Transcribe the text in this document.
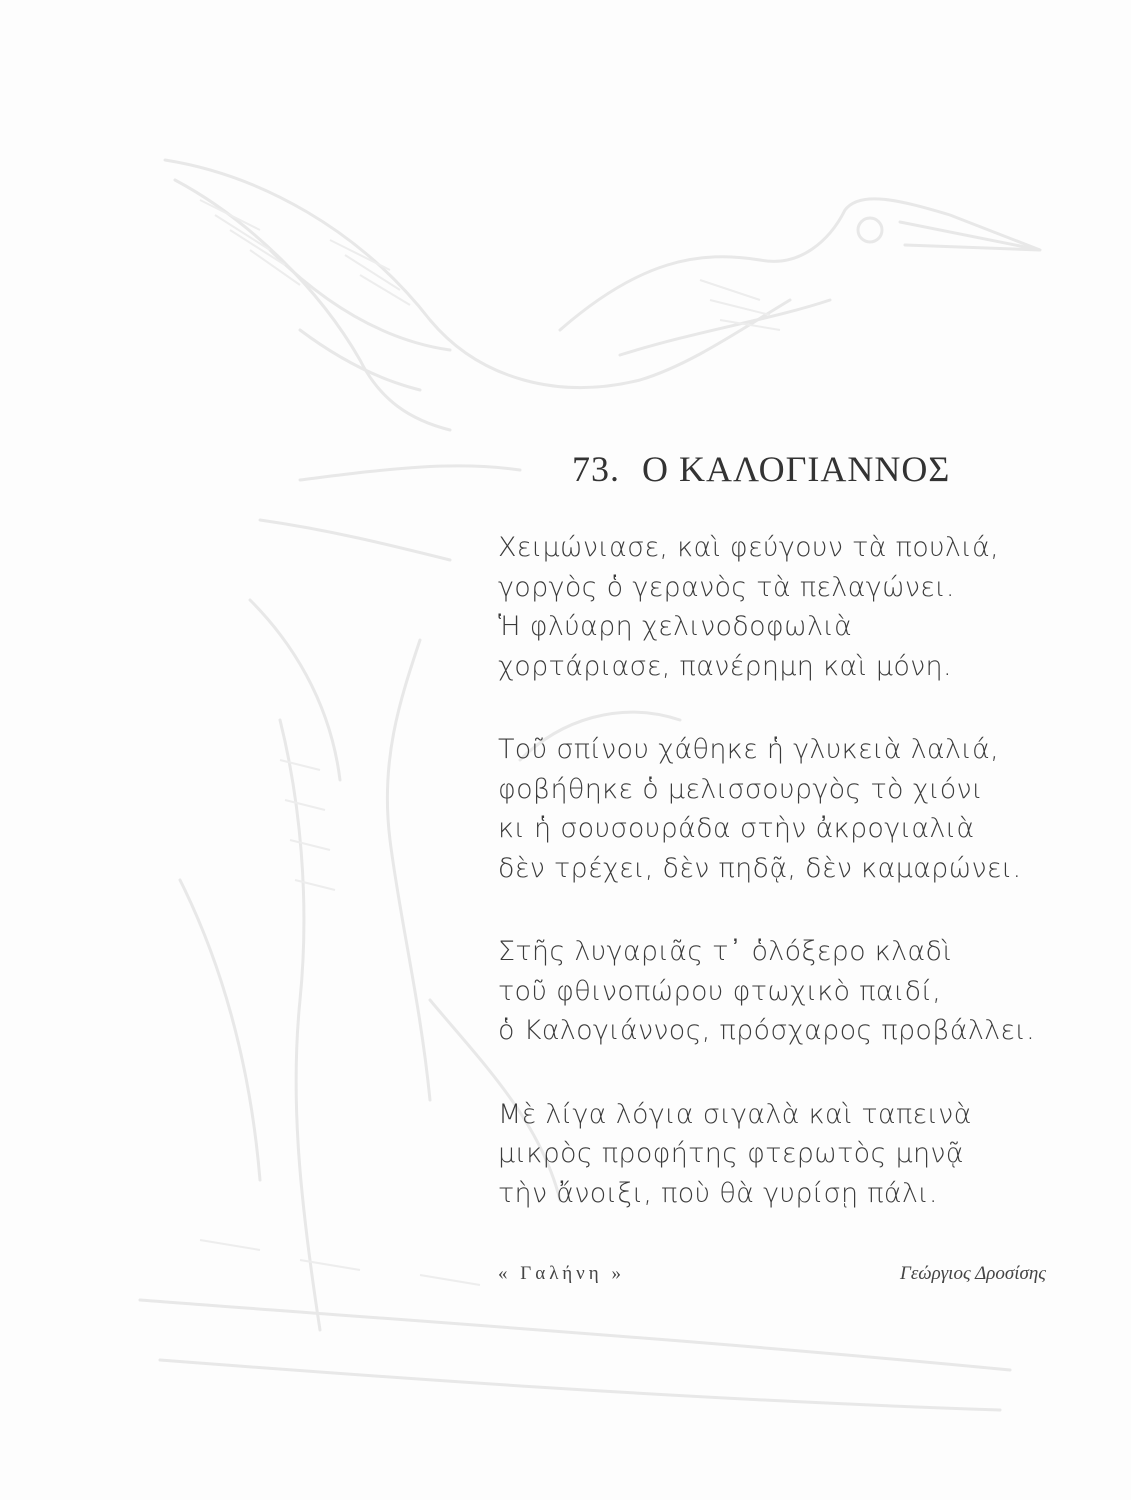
73. Ο ΚΑΛΟΓΙΑΝΝΟΣ
Χειμώνιασε, καὶ φεύγουν τὰ πουλιά,
γοργὸς ὁ γερανὸς τὰ πελαγώνει.
Ἡ φλύαρη χελινοδοφωλιὰ
χορτάριασε, πανέρημη καὶ μόνη.
Τοῦ σπίνου χάθηκε ἡ γλυκειὰ λαλιά,
φοβήθηκε ὁ μελισσουργὸς τὸ χιόνι
κι ἡ σουσουράδα στὴν ἀκρογιαλιὰ
δὲν τρέχει, δὲν πηδᾷ, δὲν καμαρώνει.
Στῆς λυγαριᾶς τ᾿ ὁλόξερο κλαδὶ
τοῦ φθινοπώρου φτωχικὸ παιδί,
ὁ Καλογιάννος, πρόσχαρος προβάλλει.
Μὲ λίγα λόγια σιγαλὰ καὶ ταπεινὰ
μικρὸς προφήτης φτερωτὸς μηνᾷ
τὴν ἄνοιξι, ποὺ θὰ γυρίσῃ πάλι.
« Γαλήνη »	Γεώργιος Δροσίσης
